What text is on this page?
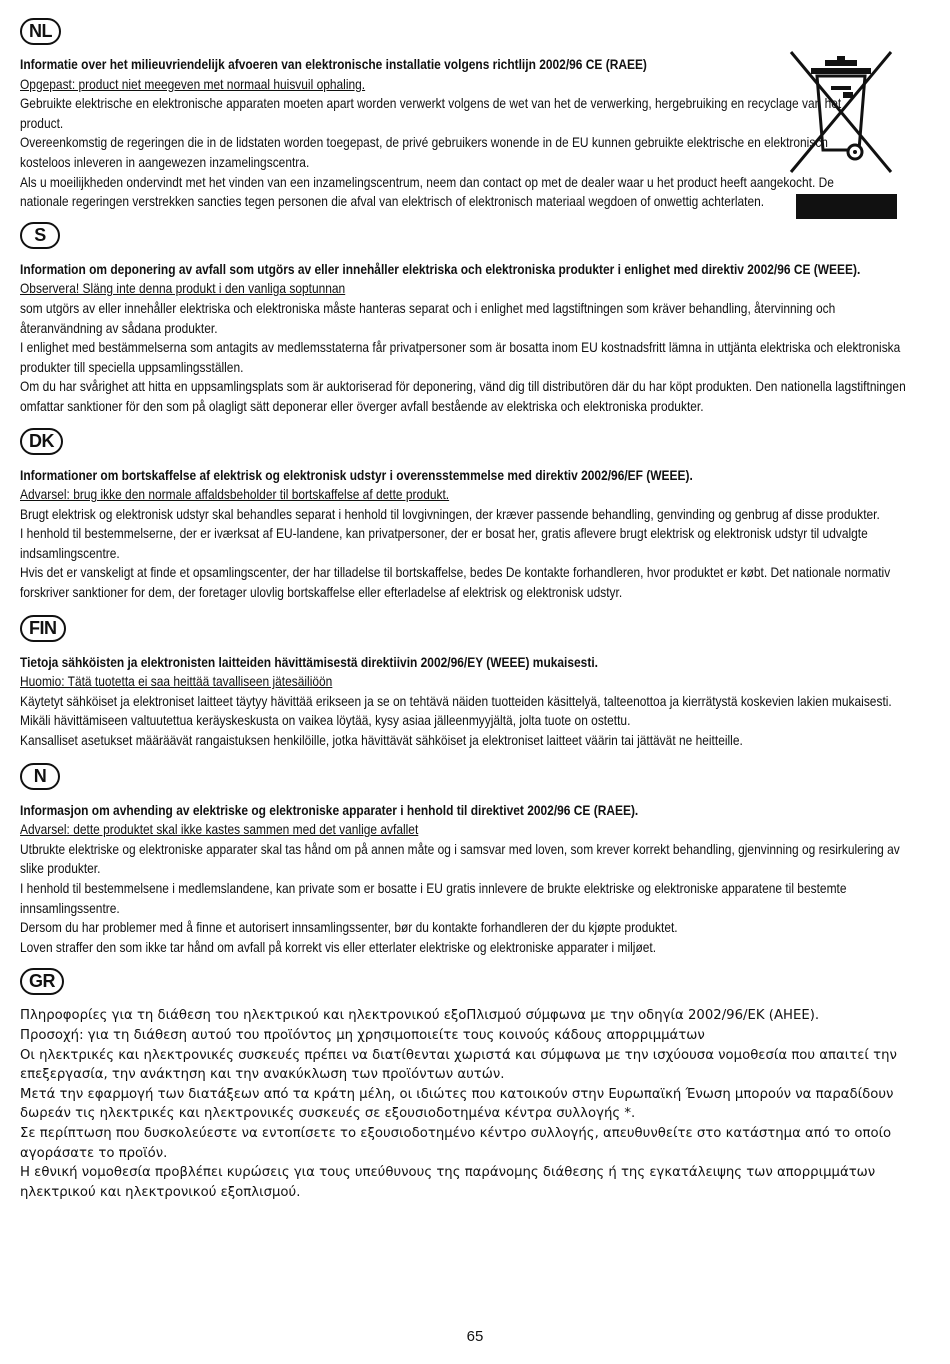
NL

Informatie over het milieuvriendelijk afvoeren van elektronische installatie volgens richtlijn 2002/96 CE (RAEE)

Opgepast: product niet meegeven met normaal huisvuil ophaling.

Gebruikte elektrische en elektronische apparaten moeten apart worden verwerkt volgens de wet van het de verwerking, hergebruiking en recyclage van het product.

Overeenkomstig de regeringen die in de lidstaten worden toegepast, de privé gebruikers wonende in de EU kunnen gebruikte elektrische en elektronisch kosteloos inleveren in aangewezen inzamelingscentra.

Als u moeilijkheden ondervindt met het vinden van een inzamelingscentrum, neem dan contact op met de dealer waar u het product heeft aangekocht. De nationale regeringen verstrekken sancties tegen personen die afval van elektrisch of elektronisch materiaal wegdoen of onwettig achterlaten.

S

Information om deponering av avfall som utgörs av eller innehåller elektriska och elektroniska produkter i enlighet med direktiv 2002/96 CE (WEEE).

Observera! Släng inte denna produkt i den vanliga soptunnan

som utgörs av eller innehåller elektriska och elektroniska måste hanteras separat och i enlighet med lagstiftningen som kräver behandling, återvinning och återanvändning av sådana produkter.

I enlighet med bestämmelserna som antagits av medlemsstaterna får privatpersoner som är bosatta inom EU kostnadsfritt lämna in uttjänta elektriska och elektroniska produkter till speciella uppsamlingsställen.

Om du har svårighet att hitta en uppsamlingsplats som är auktoriserad för deponering, vänd dig till distributören där du har köpt produkten. Den nationella lagstiftningen omfattar sanktioner för den som på olagligt sätt deponerar eller överger avfall bestående av elektriska och elektroniska produkter.

DK

Informationer om bortskaffelse af elektrisk og elektronisk udstyr i overensstemmelse med direktiv 2002/96/EF (WEEE).

Advarsel: brug ikke den normale affaldsbeholder til bortskaffelse af dette produkt.

Brugt elektrisk og elektronisk udstyr skal behandles separat i henhold til lovgivningen, der kræver passende behandling, genvinding og genbrug af disse produkter.

I henhold til bestemmelserne, der er iværksat af EU-landene, kan privatpersoner, der er bosat her, gratis aflevere brugt elektrisk og elektronisk udstyr til udvalgte indsamlingscentre.

Hvis det er vanskeligt at finde et opsamlingscenter, der har tilladelse til bortskaffelse, bedes De kontakte forhandleren, hvor produktet er købt. Det nationale normativ forskriver sanktioner for dem, der foretager ulovlig bortskaffelse eller efterladelse af elektrisk og elektronisk udstyr.

FIN

Tietoja sähköisten ja elektronisten laitteiden hävittämisestä direktiivin 2002/96/EY (WEEE) mukaisesti.

Huomio: Tätä tuotetta ei saa heittää tavalliseen jätesäiliöön

Käytetyt sähköiset ja elektroniset laitteet täytyy hävittää erikseen ja se on tehtävä näiden tuotteiden käsittelyä, talteenottoa ja kierrätystä koskevien lakien mukaisesti.

Mikäli hävittämiseen valtuutettua keräyskeskusta on vaikea löytää, kysy asiaa jälleenmyyjältä, jolta tuote on ostettu.

Kansalliset asetukset määräävät rangaistuksen henkilöille, jotka hävittävät sähköiset ja elektroniset laitteet väärin tai jättävät ne heitteille.

N

Informasjon om avhending av elektriske og elektroniske apparater i henhold til direktivet 2002/96 CE (RAEE).

Advarsel: dette produktet skal ikke kastes sammen med det vanlige avfallet

Utbrukte elektriske og elektroniske apparater skal tas hånd om på annen måte og i samsvar med loven, som krever korrekt behandling, gjenvinning og resirkulering av slike produkter.

I henhold til bestemmelsene i medlemslandene, kan private som er bosatte i EU gratis innlevere de brukte elektriske og elektroniske apparatene til bestemte innsamlingssentre.

Dersom du har problemer med å finne et autorisert innsamlingssenter, bør du kontakte forhandleren der du kjøpte produktet.

Loven straffer den som ikke tar hånd om avfall på korrekt vis eller etterlater elektriske og elektroniske apparater i miljøet.

GR

Πληροφορίες για τη διάθεση του ηλεκτρικού και ηλεκτρονικού εξοΠλισμού σύμφωνα με την οδηγία 2002/96/ΕΚ (ΑΗΕΕ).

Προσοχή: για τη διάθεση αυτού του προϊόντος μη χρησιμοποιείτε τους κοινούς κάδους απορριμμάτων

Οι ηλεκτρικές και ηλεκτρονικές συσκευές πρέπει να διατίθενται χωριστά και σύμφωνα με την ισχύουσα νομοθεσία που απαιτεί την επεξεργασία, την ανάκτηση και την ανακύκλωση των προϊόντων αυτών.

Μετά την εφαρμογή των διατάξεων από τα κράτη μέλη, οι ιδιώτες που κατοικούν στην Ευρωπαϊκή Ένωση μπορούν να παραδίδουν δωρεάν τις ηλεκτρικές και ηλεκτρονικές συσκευές σε εξουσιοδοτημένα κέντρα συλλογής *.

Σε περίπτωση που δυσκολεύεστε να εντοπίσετε το εξουσιοδοτημένο κέντρο συλλογής, απευθυνθείτε στο κατάστημα από το οποίο αγοράσατε το προϊόν.

Η εθνική νομοθεσία προβλέπει κυρώσεις για τους υπεύθυνους της παράνομης διάθεσης ή της εγκατάλειψης των απορριμμάτων ηλεκτρικού και ηλεκτρονικού εξοπλισμού.

65
